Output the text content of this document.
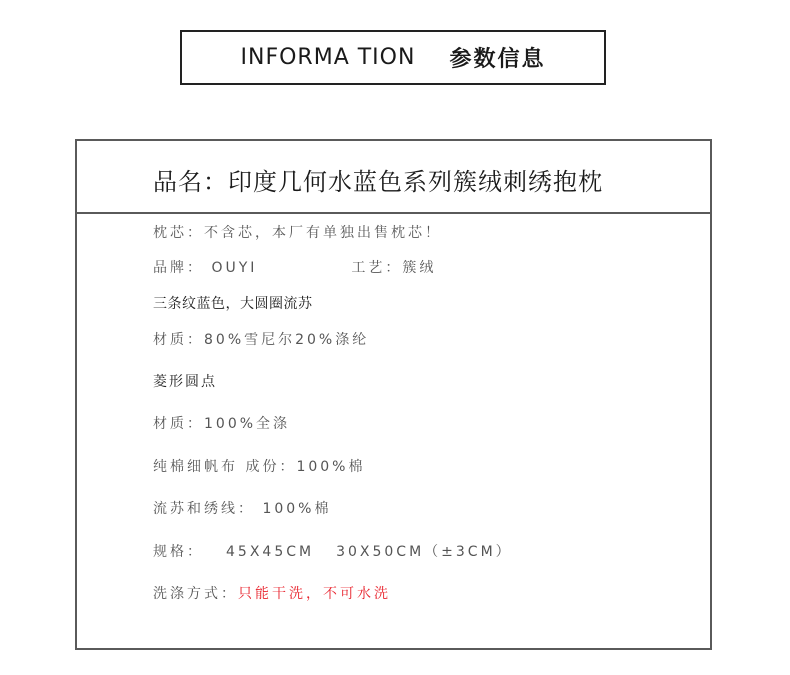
INFORMA TION 参数信息
品名：印度几何水蓝色系列簇绒刺绣抱枕
枕芯：不含芯，本厂有单独出售枕芯！
品牌： OUYI	工艺：簇绒
三条纹蓝色，大圆圈流苏
材质：80%雪尼尔20%涤纶
菱形圆点
材质：100%全涤
纯棉细帆布 成份：100%棉
流苏和绣线： 100%棉
规格： 45X45CM 30X50CM（±3CM）
洗涤方式：只能干洗，不可水洗
